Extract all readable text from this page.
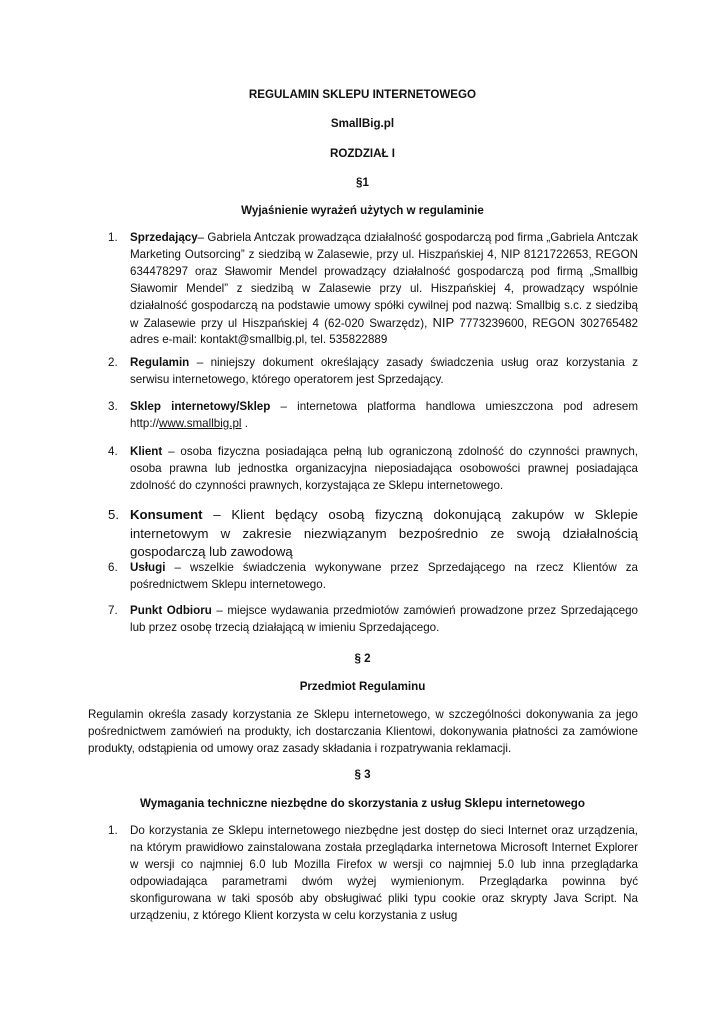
REGULAMIN SKLEPU INTERNETOWEGO

SmallBig.pl

ROZDZIAŁ I

§1

Wyjaśnienie wyrażeń użytych w regulaminie

1. Sprzedający– Gabriela Antczak prowadząca działalność gospodarczą pod firma „Gabriela Antczak Marketing Outsorcing” z siedzibą w Zalasewie, przy ul. Hiszpańskiej 4, NIP 8121722653, REGON 634478297 oraz Sławomir Mendel prowadzący działalność gospodarczą pod firmą „Smallbig Sławomir Mendel” z siedzibą w Zalasewie przy ul. Hiszpańskiej 4, prowadzący wspólnie działalność gospodarczą na podstawie umowy spółki cywilnej pod nazwą: Smallbig s.c. z siedzibą w Zalasewie przy ul Hiszpańskiej 4 (62-020 Swarzędz), NIP 7773239600, REGON 302765482 adres e-mail: kontakt@smallbig.pl, tel. 535822889

2. Regulamin – niniejszy dokument określający zasady świadczenia usług oraz korzystania z serwisu internetowego, którego operatorem jest Sprzedający.

3. Sklep internetowy/Sklep – internetowa platforma handlowa umieszczona pod adresem http://www.smallbig.pl .

4. Klient – osoba fizyczna posiadająca pełną lub ograniczoną zdolność do czynności prawnych, osoba prawna lub jednostka organizacyjna nieposiadająca osobowości prawnej posiadająca zdolność do czynności prawnych, korzystająca ze Sklepu internetowego.

5. Konsument – Klient będący osobą fizyczną dokonującą zakupów w Sklepie internetowym w zakresie niezwiązanym bezpośrednio ze swoją działalnością gospodarczą lub zawodową

6. Usługi – wszelkie świadczenia wykonywane przez Sprzedającego na rzecz Klientów za pośrednictwem Sklepu internetowego.

7. Punkt Odbioru – miejsce wydawania przedmiotów zamówień prowadzone przez Sprzedającego lub przez osobę trzecią działającą w imieniu Sprzedającego.

§ 2

Przedmiot Regulaminu

Regulamin określa zasady korzystania ze Sklepu internetowego, w szczególności dokonywania za jego pośrednictwem zamówień na produkty, ich dostarczania Klientowi, dokonywania płatności za zamówione produkty, odstąpienia od umowy oraz zasady składania i rozpatrywania reklamacji.

§ 3

Wymagania techniczne niezbędne do skorzystania z usług Sklepu internetowego

1. Do korzystania ze Sklepu internetowego niezbędne jest dostęp do sieci Internet oraz urządzenia, na którym prawidłowo zainstalowana została przeglądarka internetowa Microsoft Internet Explorer w wersji co najmniej 6.0 lub Mozilla Firefox w wersji co najmniej 5.0 lub inna przeglądarka odpowiadająca parametrami dwóm wyżej wymienionym. Przeglądarka powinna być skonfigurowana w taki sposób aby obsługiwać pliki typu cookie oraz skrypty Java Script. Na urządzeniu, z którego Klient korzysta w celu korzystania z usług
